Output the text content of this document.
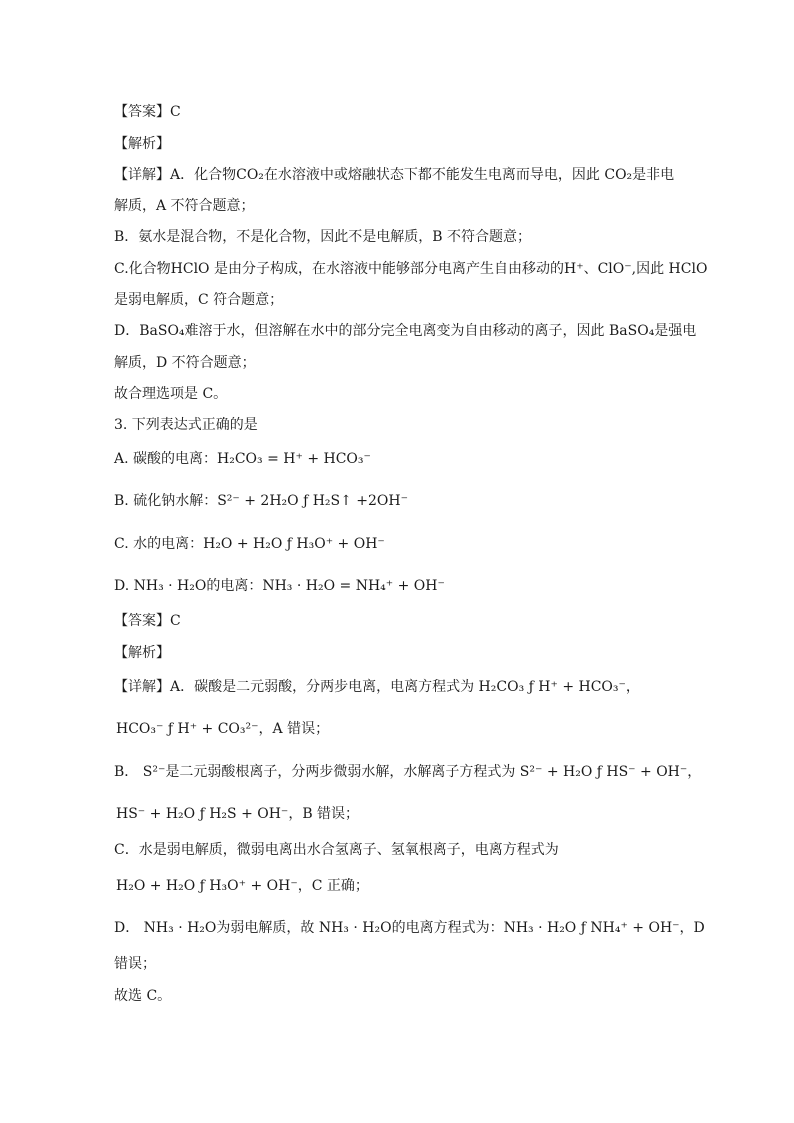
【答案】C
【解析】
【详解】A．化合物CO₂在水溶液中或熔融状态下都不能发生电离而导电，因此 CO₂是非电
解质，A 不符合题意；
B．氨水是混合物，不是化合物，因此不是电解质，B 不符合题意；
C.化合物HClO 是由分子构成，在水溶液中能够部分电离产生自由移动的H⁺、ClO⁻,因此 HClO
是弱电解质，C 符合题意；
D．BaSO₄难溶于水，但溶解在水中的部分完全电离变为自由移动的离子，因此 BaSO₄是强电
解质，D 不符合题意；
故合理选项是 C。
3. 下列表达式正确的是
A. 碳酸的电离：H₂CO₃ = H⁺ + HCO₃⁻
B. 硫化钠水解：S²⁻ + 2H₂O ƒ H₂S↑ +2OH⁻
C. 水的电离：H₂O + H₂O ƒ H₃O⁺ + OH⁻
D. NH₃ · H₂O的电离：NH₃ · H₂O = NH₄⁺ + OH⁻
【答案】C
【解析】
【详解】A．碳酸是二元弱酸，分两步电离，电离方程式为 H₂CO₃ ƒ H⁺ + HCO₃⁻，
HCO₃⁻ ƒ H⁺ + CO₃²⁻，A 错误；
B． S²⁻是二元弱酸根离子，分两步微弱水解，水解离子方程式为 S²⁻ + H₂O ƒ HS⁻ + OH⁻，
HS⁻ + H₂O ƒ H₂S + OH⁻，B 错误；
C．水是弱电解质，微弱电离出水合氢离子、氢氧根离子，电离方程式为
H₂O + H₂O ƒ H₃O⁺ + OH⁻，C 正确；
D． NH₃ · H₂O为弱电解质，故 NH₃ · H₂O的电离方程式为：NH₃ · H₂O ƒ NH₄⁺ + OH⁻，D
错误；
故选 C。
